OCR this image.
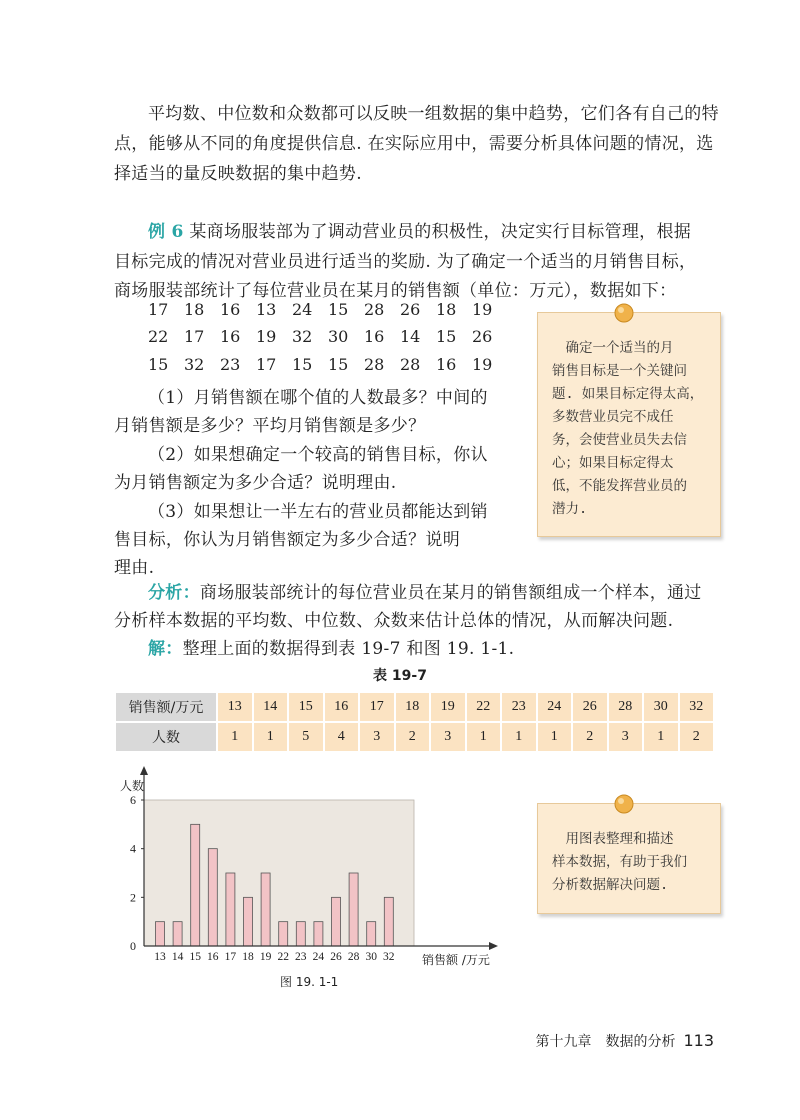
平均数、中位数和众数都可以反映一组数据的集中趋势，它们各有自己的特点，能够从不同的角度提供信息. 在实际应用中，需要分析具体问题的情况，选择适当的量反映数据的集中趋势.
例 6 某商场服装部为了调动营业员的积极性，决定实行目标管理，根据
目标完成的情况对营业员进行适当的奖励. 为了确定一个适当的月销售目标，
商场服装部统计了每位营业员在某月的销售额（单位：万元），数据如下：
17 18 16 13 24 15 28 26 18 19
22 17 16 19 32 30 16 14 15 26
15 32 23 17 15 15 28 28 16 19
（1）月销售额在哪个值的人数最多？中间的
月销售额是多少？平均月销售额是多少？
（2）如果想确定一个较高的销售目标，你认
为月销售额定为多少合适？说明理由.
（3）如果想让一半左右的营业员都能达到销
售目标，你认为月销售额定为多少合适？说明
理由.
　确定一个适当的月
销售目标是一个关键问
题. 如果目标定得太高，
多数营业员完不成任
务，会使营业员失去信
心；如果目标定得太
低，不能发挥营业员的
潜力.
分析：商场服装部统计的每位营业员在某月的销售额组成一个样本，通过
分析样本数据的平均数、中位数、众数来估计总体的情况，从而解决问题.
解：整理上面的数据得到表 19-7 和图 19. 1-1.
表 19-7
销售额/万元	13	14	15	16	17	18	19	22	23	24	26	28	30	32
人数	1	1	5	4	3	2	3	1	1	1	2	3	1	2
0
2
4
6
13 14 15 16 17 18 19 22 23 24 26 28 30 32
人数
销售额 /万元
图 19. 1-1
　用图表整理和描述
样本数据，有助于我们
分析数据解决问题.
第十九章　数据的分析 113
